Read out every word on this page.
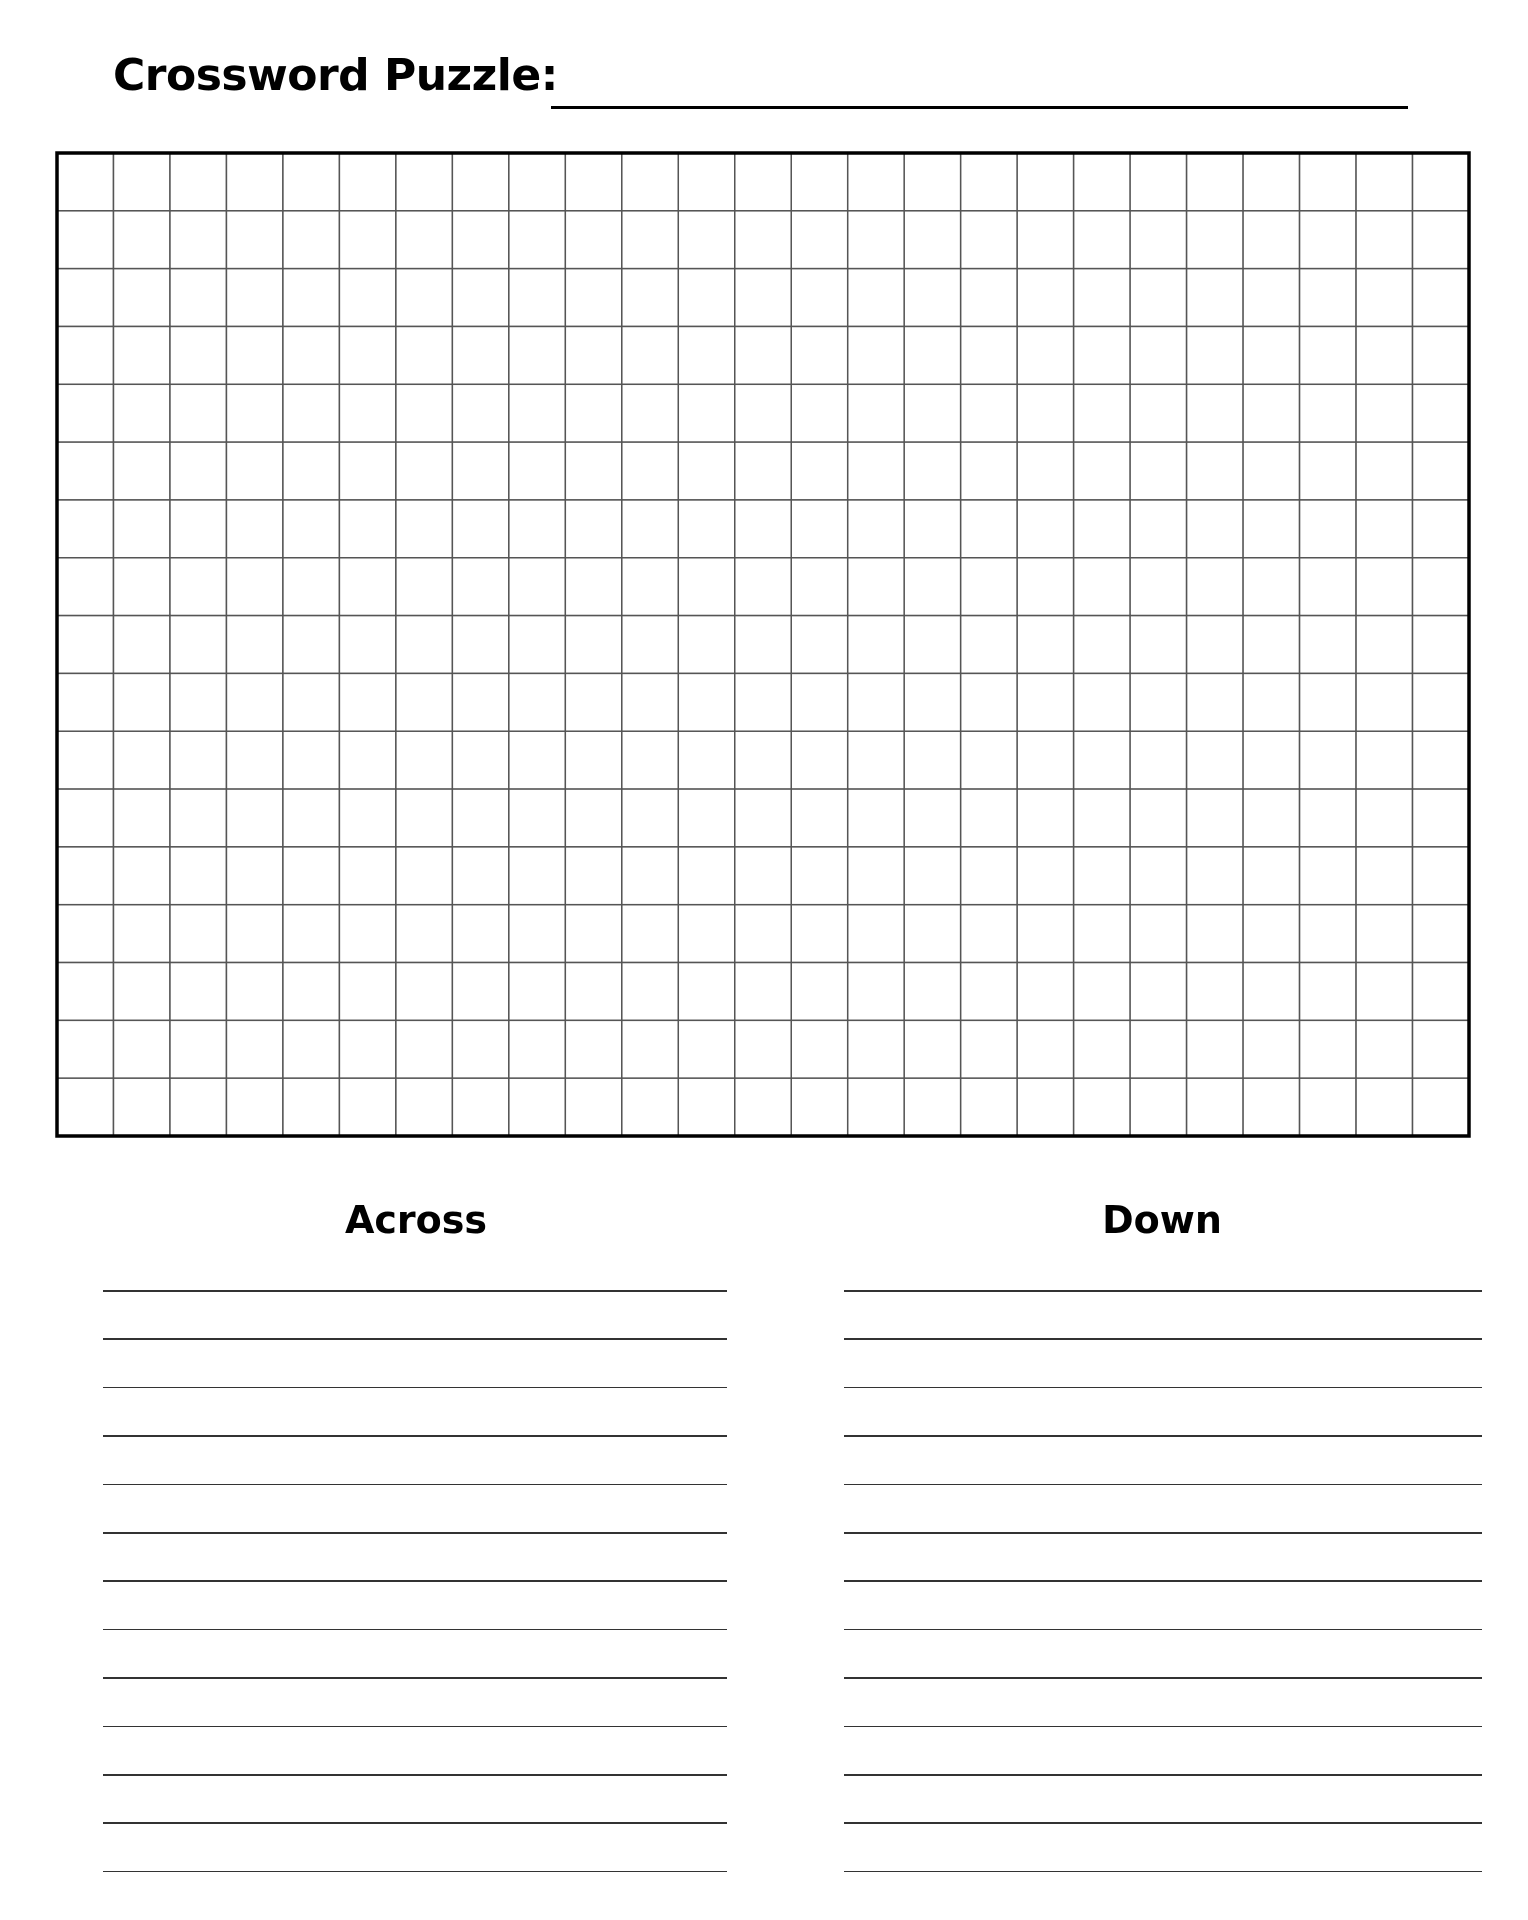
Crossword Puzzle:
Across	Down
